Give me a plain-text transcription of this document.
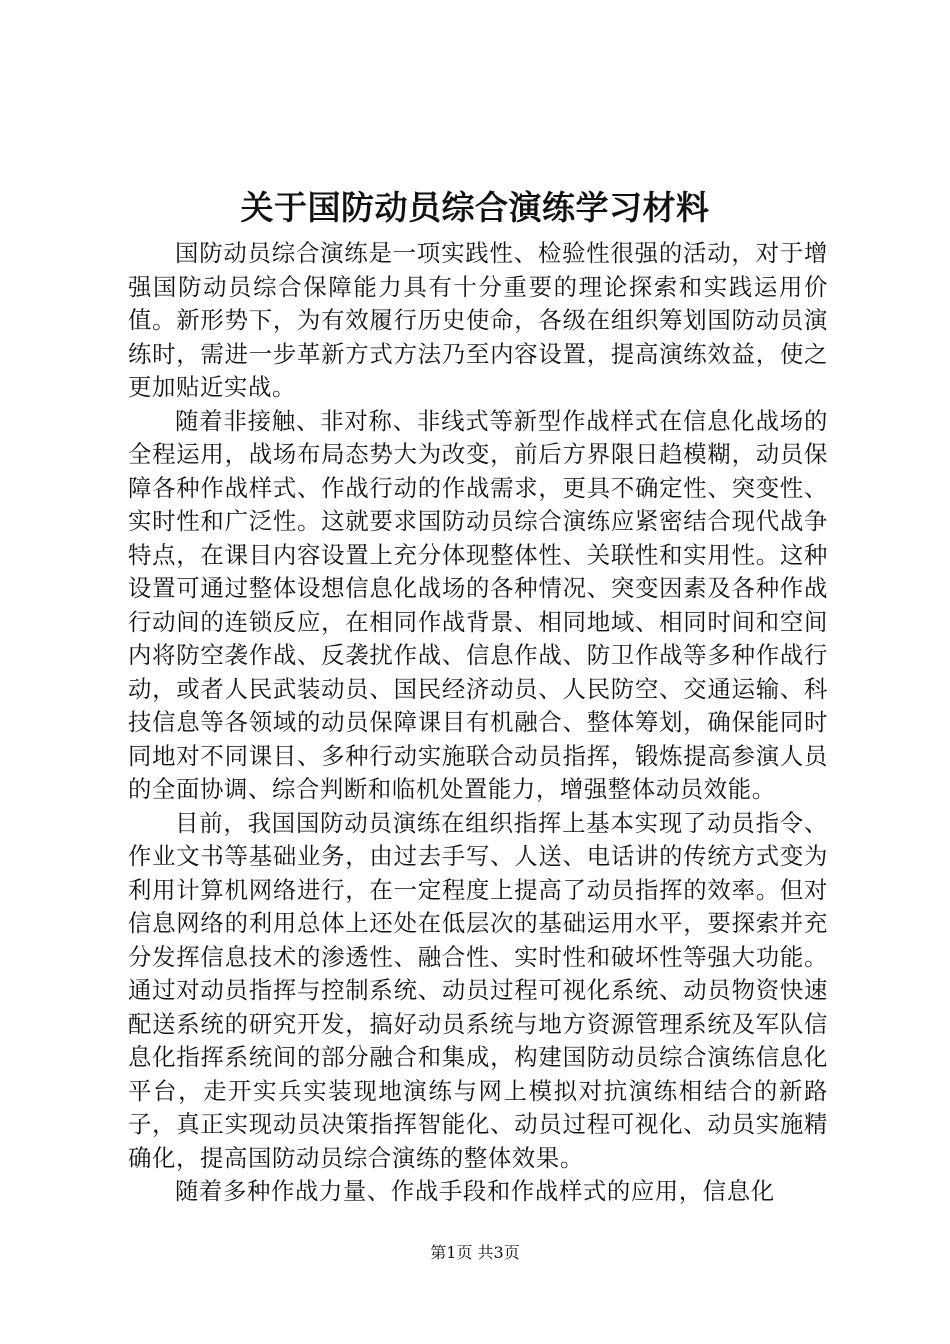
关于国防动员综合演练学习材料

国防动员综合演练是一项实践性、检验性很强的活动，对于增强国防动员综合保障能力具有十分重要的理论探索和实践运用价值。新形势下，为有效履行历史使命，各级在组织筹划国防动员演练时，需进一步革新方式方法乃至内容设置，提高演练效益，使之更加贴近实战。

随着非接触、非对称、非线式等新型作战样式在信息化战场的全程运用，战场布局态势大为改变，前后方界限日趋模糊，动员保障各种作战样式、作战行动的作战需求，更具不确定性、突变性、实时性和广泛性。这就要求国防动员综合演练应紧密结合现代战争特点，在课目内容设置上充分体现整体性、关联性和实用性。这种设置可通过整体设想信息化战场的各种情况、突变因素及各种作战行动间的连锁反应，在相同作战背景、相同地域、相同时间和空间内将防空袭作战、反袭扰作战、信息作战、防卫作战等多种作战行动，或者人民武装动员、国民经济动员、人民防空、交通运输、科技信息等各领域的动员保障课目有机融合、整体筹划，确保能同时同地对不同课目、多种行动实施联合动员指挥，锻炼提高参演人员的全面协调、综合判断和临机处置能力，增强整体动员效能。

目前，我国国防动员演练在组织指挥上基本实现了动员指令、作业文书等基础业务，由过去手写、人送、电话讲的传统方式变为利用计算机网络进行，在一定程度上提高了动员指挥的效率。但对信息网络的利用总体上还处在低层次的基础运用水平，要探索并充分发挥信息技术的渗透性、融合性、实时性和破坏性等强大功能。通过对动员指挥与控制系统、动员过程可视化系统、动员物资快速配送系统的研究开发，搞好动员系统与地方资源管理系统及军队信息化指挥系统间的部分融合和集成，构建国防动员综合演练信息化平台，走开实兵实装现地演练与网上模拟对抗演练相结合的新路子，真正实现动员决策指挥智能化、动员过程可视化、动员实施精确化，提高国防动员综合演练的整体效果。

随着多种作战力量、作战手段和作战样式的应用，信息化

第1页 共3页
